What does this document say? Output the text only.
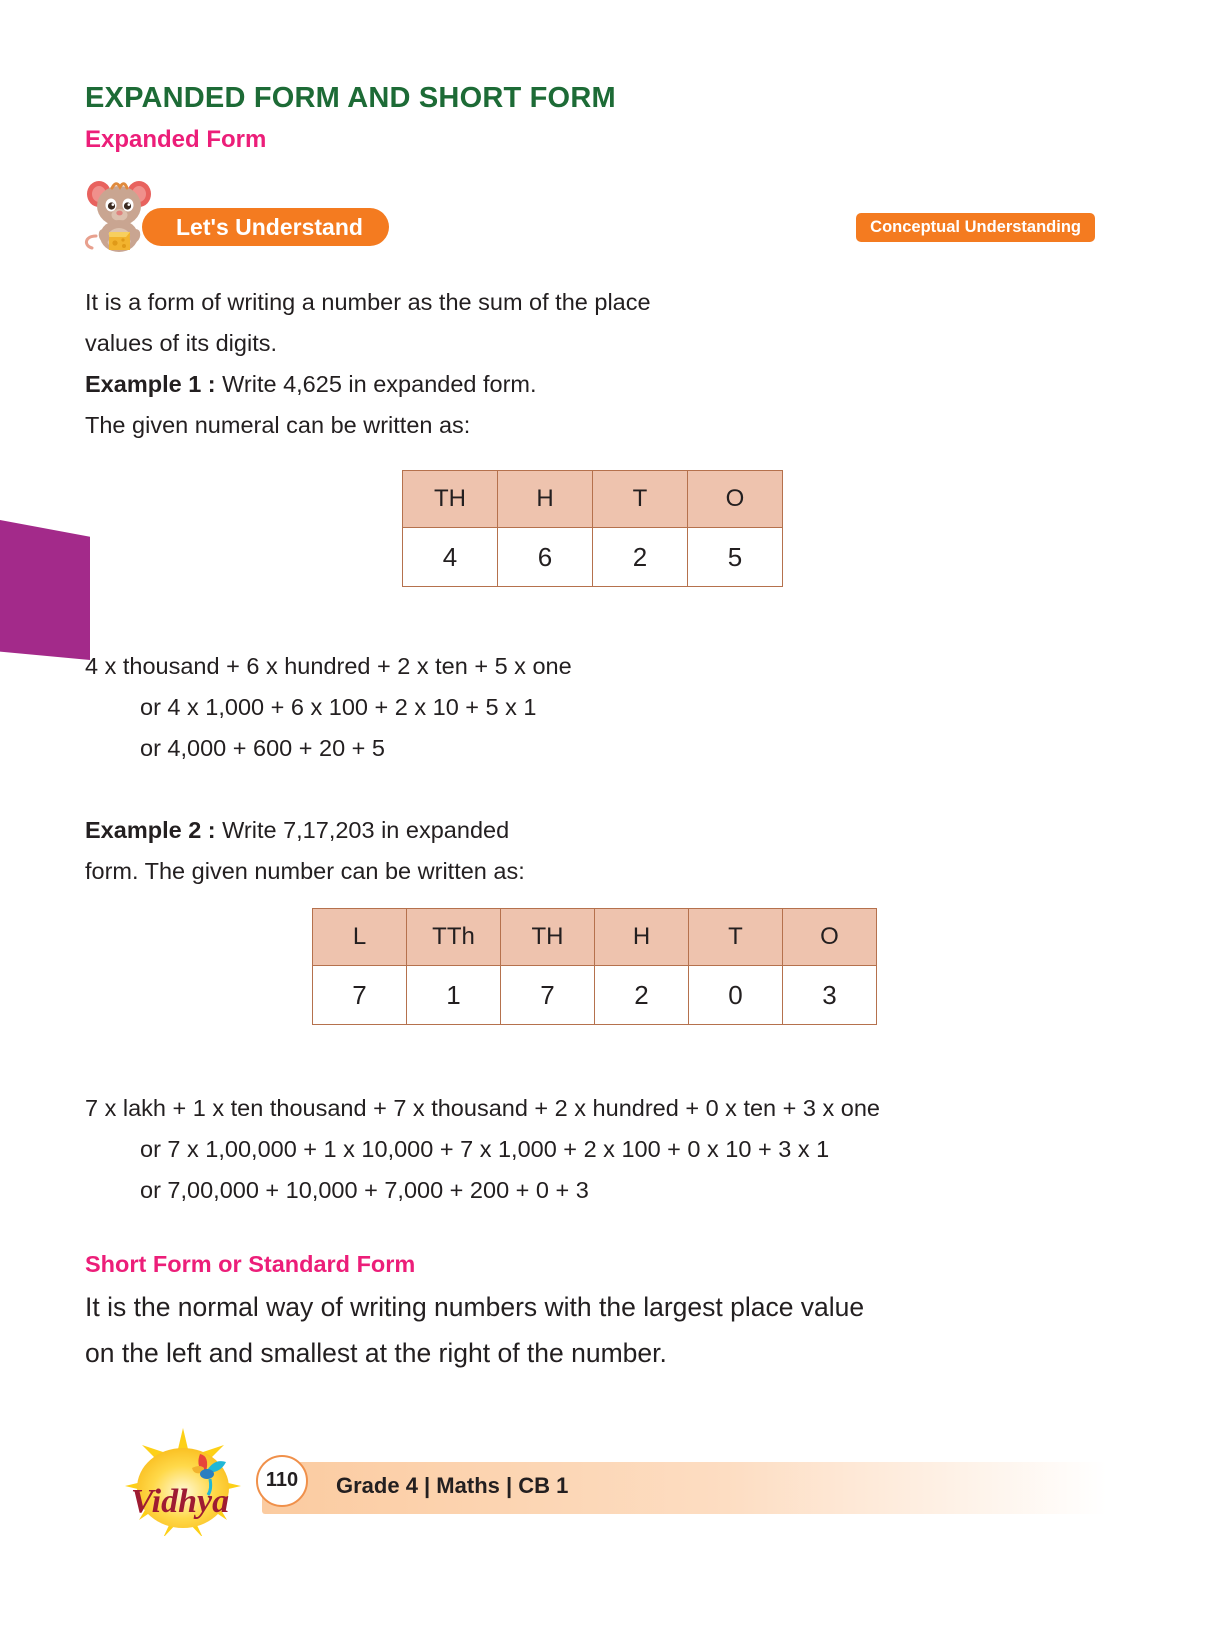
EXPANDED FORM AND SHORT FORM
Expanded Form
Let's Understand	Conceptual Understanding
It is a form of writing a number as the sum of the place
values of its digits.
Example 1 : Write 4,625 in expanded form.
The given numeral can be written as:
TH	H	T	O
4	6	2	5
4 x thousand + 6 x hundred + 2 x ten + 5 x one
or 4 x 1,000 + 6 x 100 + 2 x 10 + 5 x 1
or 4,000 + 600 + 20 + 5
Example 2 : Write 7,17,203 in expanded
form. The given number can be written as:
L	TTh	TH	H	T	O
7	1	7	2	0	3
7 x lakh + 1 x ten thousand + 7 x thousand + 2 x hundred + 0 x ten + 3 x one
or 7 x 1,00,000 + 1 x 10,000 + 7 x 1,000 + 2 x 100 + 0 x 10 + 3 x 1
or 7,00,000 + 10,000 + 7,000 + 200 + 0 + 3
Short Form or Standard Form
It is the normal way of writing numbers with the largest place value
on the left and smallest at the right of the number.
Vidhya
110	Grade 4 | Maths | CB 1
